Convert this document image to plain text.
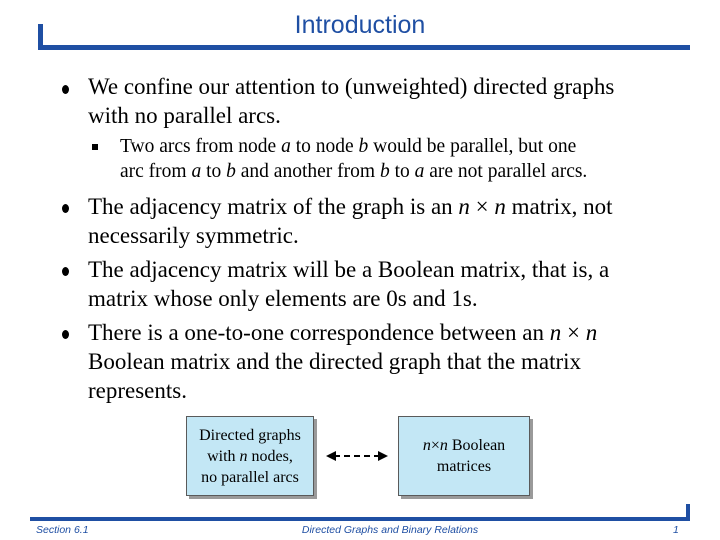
Introduction
We confine our attention to (unweighted) directed graphs
with no parallel arcs.
Two arcs from node a to node b would be parallel, but one
arc from a to b and another from b to a are not parallel arcs.
The adjacency matrix of the graph is an n × n matrix, not
necessarily symmetric.
The adjacency matrix will be a Boolean matrix, that is, a
matrix whose only elements are 0s and 1s.
There is a one-to-one correspondence between an n × n
Boolean matrix and the directed graph that the matrix
represents.
Directed graphs
with n nodes,
no parallel arcs
n×n Boolean
matrices
Section 6.1	Directed Graphs and Binary Relations	1
